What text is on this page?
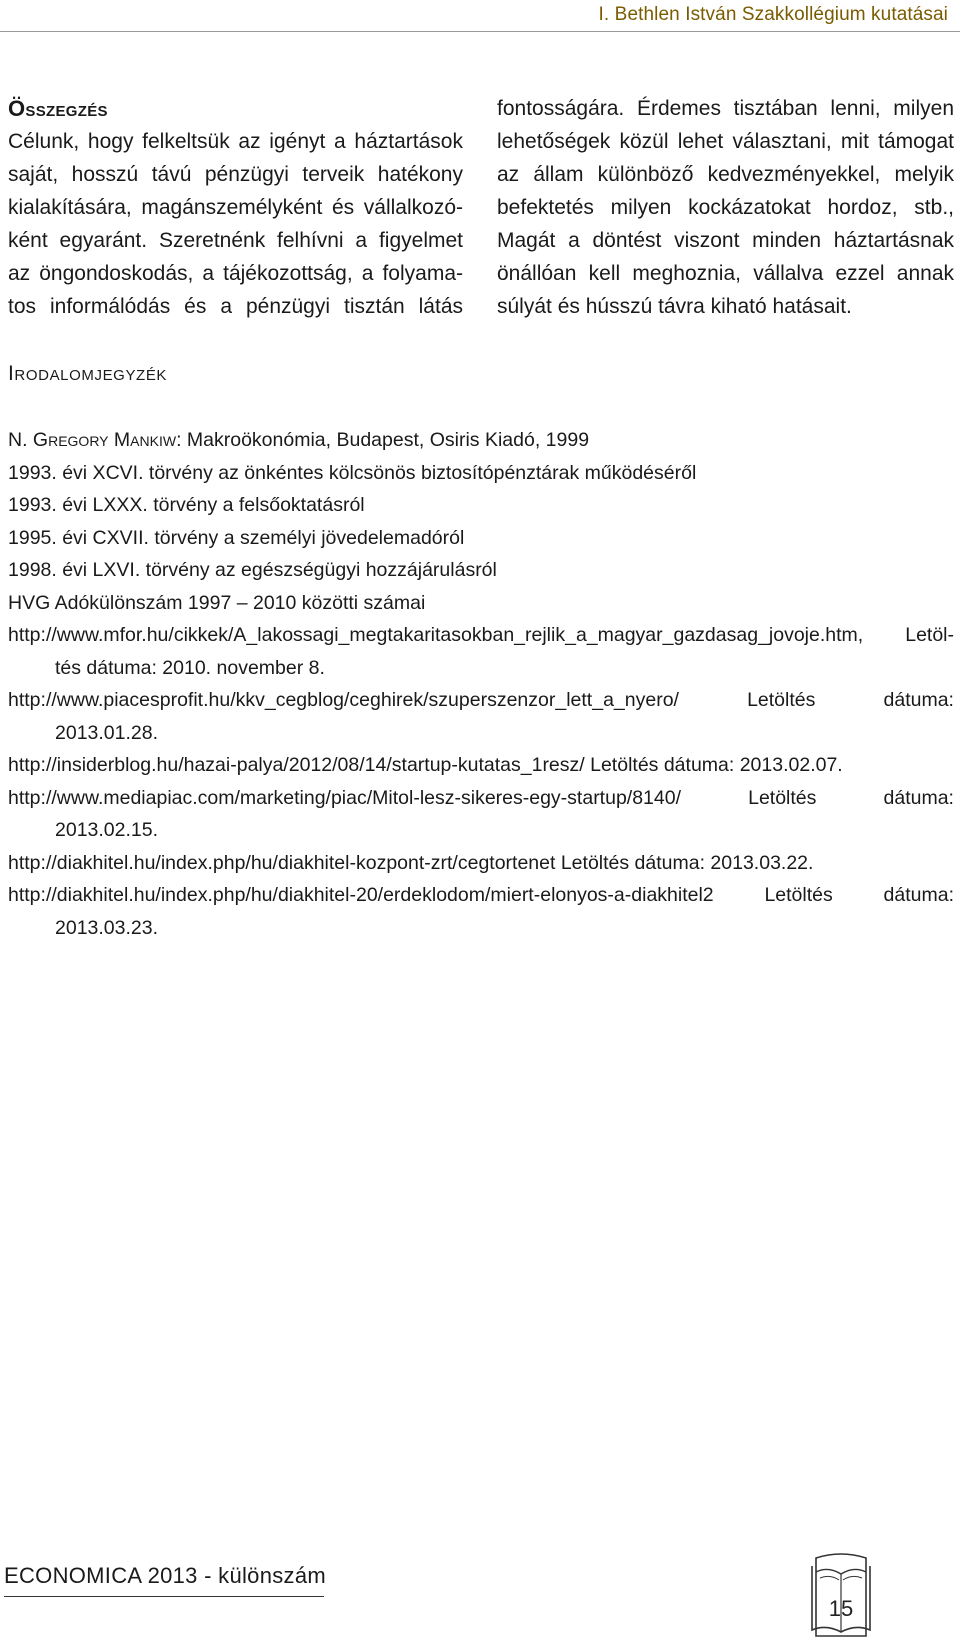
I. Bethlen István Szakkollégium kutatásai
Összegzés
Célunk, hogy felkeltsük az igényt a háztartások
saját, hosszú távú pénzügyi terveik hatékony
kialakítására, magánszemélyként és vállalkozó-
ként egyaránt. Szeretnénk felhívni a figyelmet
az öngondoskodás, a tájékozottság, a folyama-
tos informálódás és a pénzügyi tisztán látás
fontosságára. Érdemes tisztában lenni, milyen
lehetőségek közül lehet választani, mit támogat
az állam különböző kedvezményekkel, melyik
befektetés milyen kockázatokat hordoz, stb.,
Magát a döntést viszont minden háztartásnak
önállóan kell meghoznia, vállalva ezzel annak
súlyát és hússzú távra kiható hatásait.
Irodalomjegyzék
N. Gregory Mankiw: Makroökonómia, Budapest, Osiris Kiadó, 1999
1993. évi XCVI. törvény az önkéntes kölcsönös biztosítópénztárak működéséről
1993. évi LXXX. törvény a felsőoktatásról
1995. évi CXVII. törvény a személyi jövedelemadóról
1998. évi LXVI. törvény az egészségügyi hozzájárulásról
HVG Adókülönszám 1997 – 2010 közötti számai
http://www.mfor.hu/cikkek/A_lakossagi_megtakaritasokban_rejlik_a_magyar_gazdasag_jovoje.htm, Letöl-
tés dátuma: 2010. november 8.
http://www.piacesprofit.hu/kkv_cegblog/ceghirek/szuperszenzor_lett_a_nyero/	Letöltés	dátuma:
2013.01.28.
http://insiderblog.hu/hazai-palya/2012/08/14/startup-kutatas_1resz/ Letöltés dátuma: 2013.02.07.
http://www.mediapiac.com/marketing/piac/Mitol-lesz-sikeres-egy-startup/8140/	Letöltés	dátuma:
2013.02.15.
http://diakhitel.hu/index.php/hu/diakhitel-kozpont-zrt/cegtortenet Letöltés dátuma: 2013.03.22.
http://diakhitel.hu/index.php/hu/diakhitel-20/erdeklodom/miert-elonyos-a-diakhitel2	Letöltés	dátuma:
2013.03.23.
ECONOMICA 2013 - különszám
15
